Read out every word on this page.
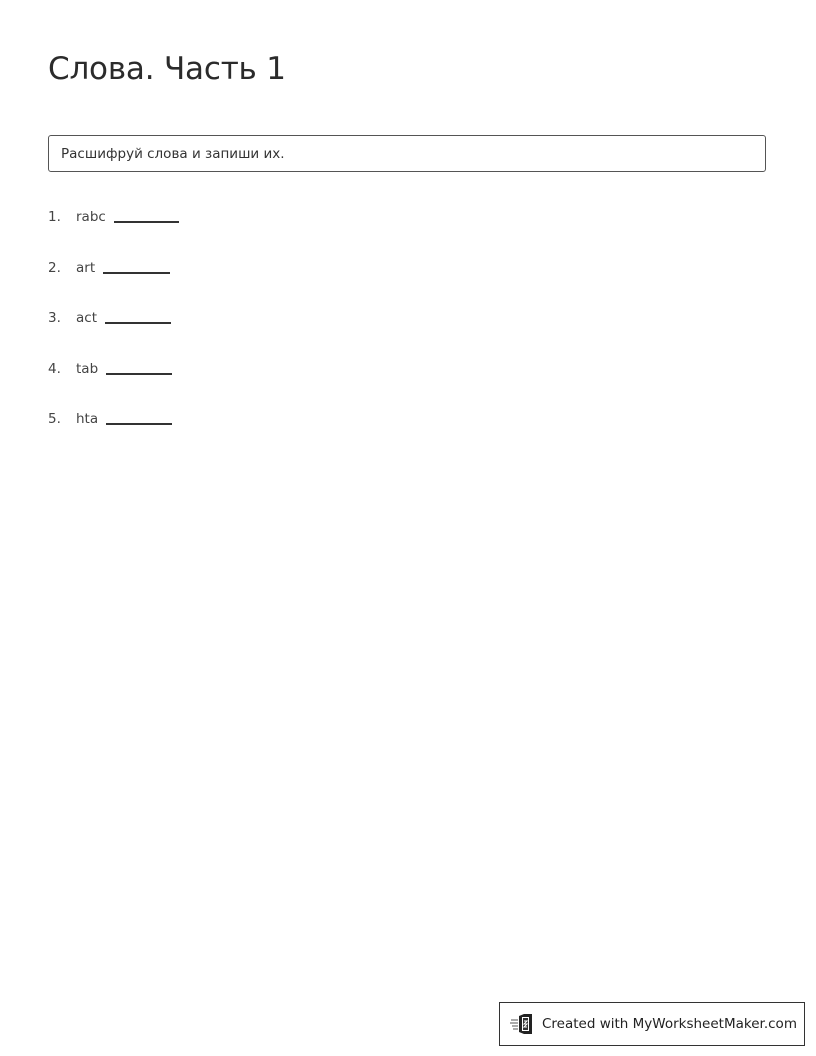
Слова. Часть 1
Расшифруй слова и запиши их.
1.	rabc
2.	art
3.	act
4.	tab
5.	hta
Created with MyWorksheetMaker.com
